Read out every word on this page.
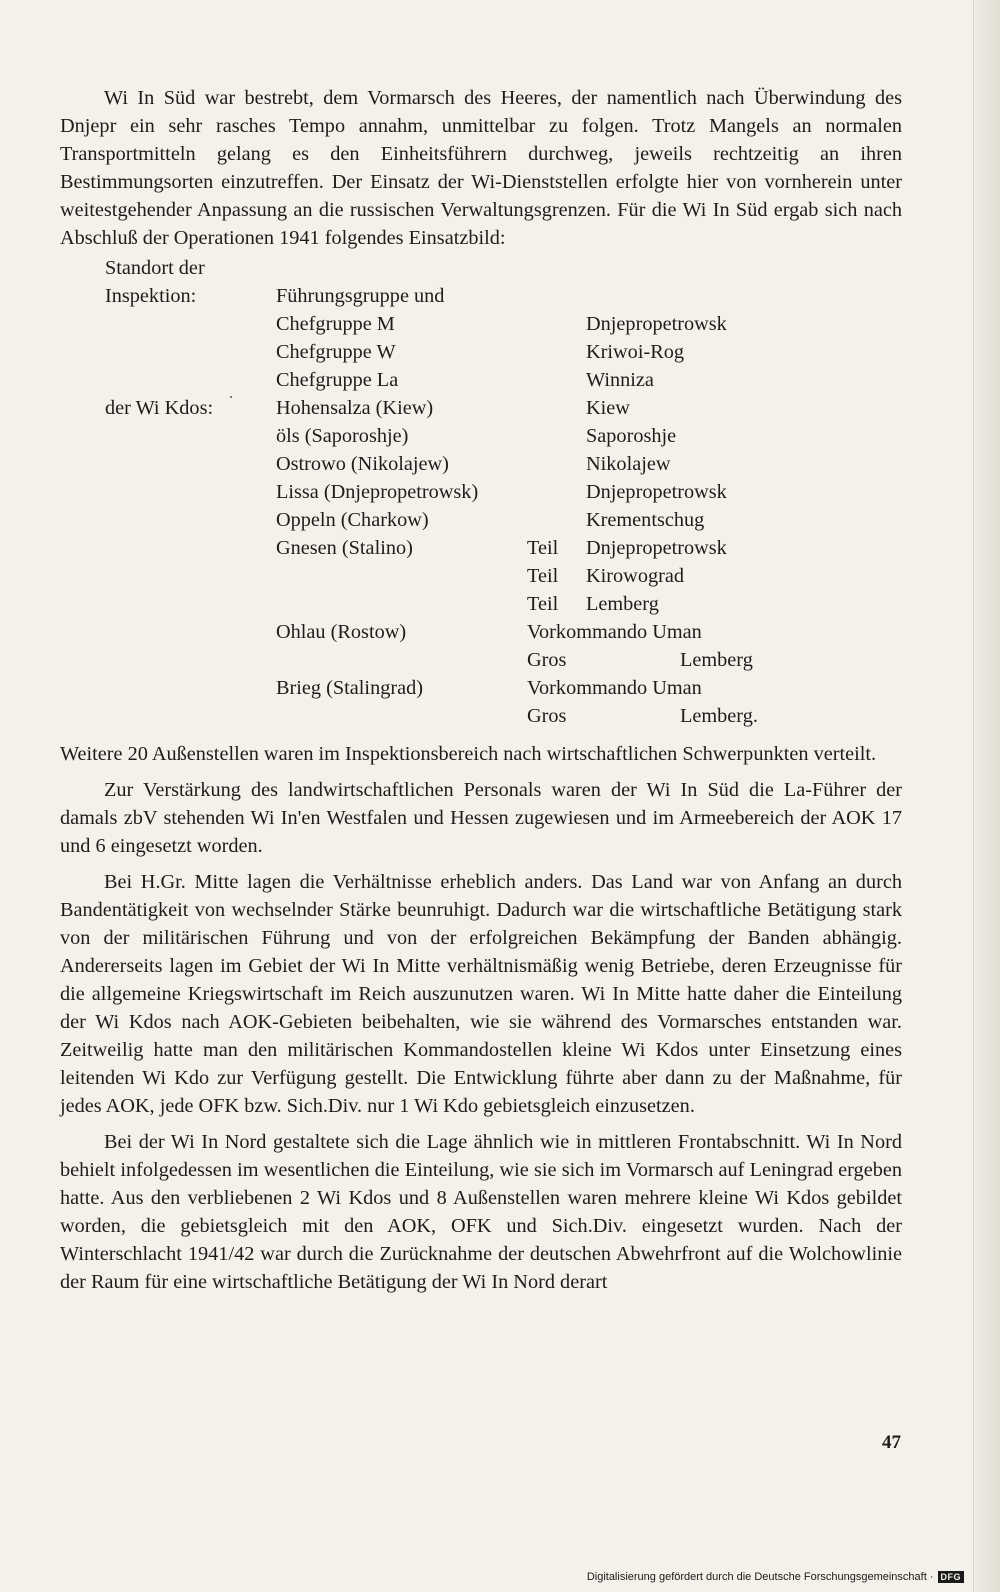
Wi In Süd war bestrebt, dem Vormarsch des Heeres, der namentlich nach Überwindung des Dnjepr ein sehr rasches Tempo annahm, unmittelbar zu folgen. Trotz Mangels an normalen Transportmitteln gelang es den Einheitsführern durchweg, jeweils rechtzeitig an ihren Bestimmungsorten einzutreffen. Der Einsatz der Wi-Dienststellen erfolgte hier von vornherein unter weitestgehender Anpassung an die russischen Verwaltungsgrenzen. Für die Wi In Süd ergab sich nach Abschluß der Operationen 1941 folgendes Einsatzbild:

Standort der
Inspektion:	Führungsgruppe und
Chefgruppe M	Dnjepropetrowsk
Chefgruppe W	Kriwoi-Rog
Chefgruppe La	Winniza
der Wi Kdos:	Hohensalza (Kiew)	Kiew
öls (Saporoshje)	Saporoshje
Ostrowo (Nikolajew)	Nikolajew
Lissa (Dnjepropetrowsk)	Dnjepropetrowsk
Oppeln (Charkow)	Krementschug
Gnesen (Stalino)	Teil Dnjepropetrowsk
Teil Kirowograd
Teil Lemberg
Ohlau (Rostow)	Vorkommando Uman
Gros	Lemberg
Brieg (Stalingrad)	Vorkommando Uman
Gros	Lemberg.

Weitere 20 Außenstellen waren im Inspektionsbereich nach wirtschaftlichen Schwerpunkten verteilt.

Zur Verstärkung des landwirtschaftlichen Personals waren der Wi In Süd die La-Führer der damals zbV stehenden Wi In'en Westfalen und Hessen zugewiesen und im Armeebereich der AOK 17 und 6 eingesetzt worden.

Bei H.Gr. Mitte lagen die Verhältnisse erheblich anders. Das Land war von Anfang an durch Bandentätigkeit von wechselnder Stärke beunruhigt. Dadurch war die wirtschaftliche Betätigung stark von der militärischen Führung und von der erfolgreichen Bekämpfung der Banden abhängig. Andererseits lagen im Gebiet der Wi In Mitte verhältnismäßig wenig Betriebe, deren Erzeugnisse für die allgemeine Kriegswirtschaft im Reich auszunutzen waren. Wi In Mitte hatte daher die Einteilung der Wi Kdos nach AOK-Gebieten beibehalten, wie sie während des Vormarsches entstanden war. Zeitweilig hatte man den militärischen Kommandostellen kleine Wi Kdos unter Einsetzung eines leitenden Wi Kdo zur Verfügung gestellt. Die Entwicklung führte aber dann zu der Maßnahme, für jedes AOK, jede OFK bzw. Sich.Div. nur 1 Wi Kdo gebietsgleich einzusetzen.

Bei der Wi In Nord gestaltete sich die Lage ähnlich wie in mittleren Frontabschnitt. Wi In Nord behielt infolgedessen im wesentlichen die Einteilung, wie sie sich im Vormarsch auf Leningrad ergeben hatte. Aus den verbliebenen 2 Wi Kdos und 8 Außenstellen waren mehrere kleine Wi Kdos gebildet worden, die gebietsgleich mit den AOK, OFK und Sich.Div. eingesetzt wurden. Nach der Winterschlacht 1941/42 war durch die Zurücknahme der deutschen Abwehrfront auf die Wolchowlinie der Raum für eine wirtschaftliche Betätigung der Wi In Nord derart

47
Digitalisierung gefördert durch die Deutsche Forschungsgemeinschaft · DFG
